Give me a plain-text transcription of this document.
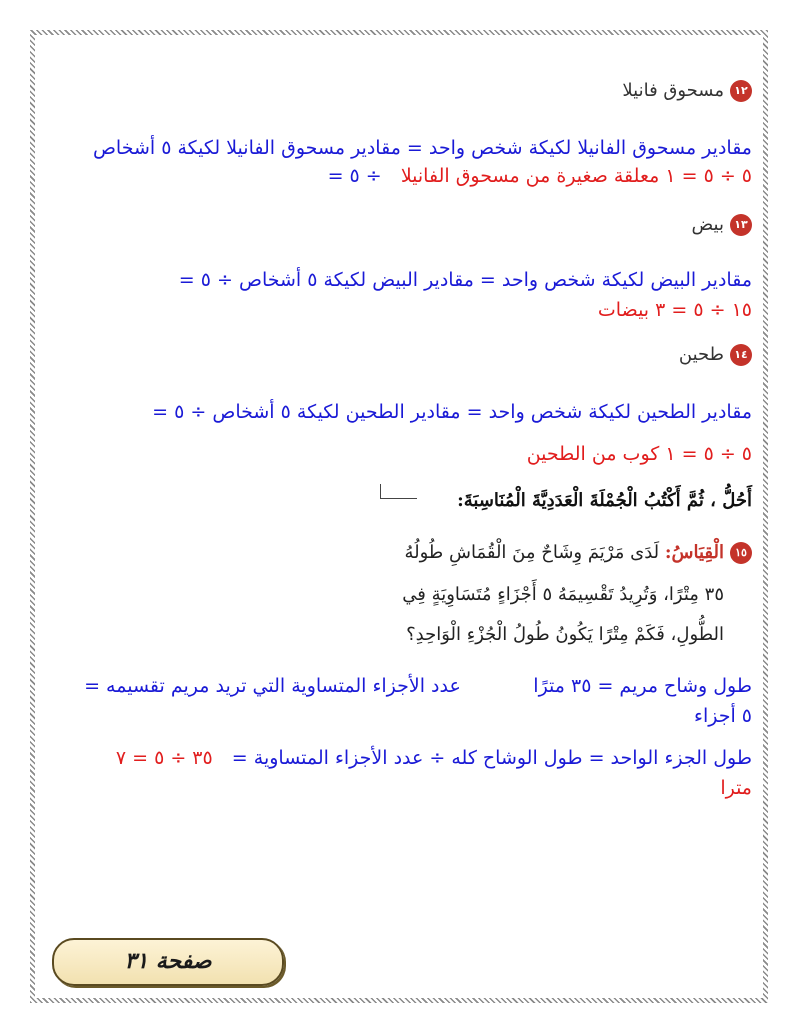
١٢مسحوق فانيلا
مقادير مسحوق الفانيلا لكيكة شخص واحد = مقادير مسحوق الفانيلا لكيكة ٥ أشخاص
٥ ÷ ٥ = ١ معلقة صغيرة من مسحوق الفانيلا ÷ ٥ =
١٣بيض
مقادير البيض لكيكة شخص واحد = مقادير البيض لكيكة ٥ أشخاص ÷ ٥ =
١٥ ÷ ٥ = ٣ بيضات
١٤طحين
مقادير الطحين لكيكة شخص واحد = مقادير الطحين لكيكة ٥ أشخاص ÷ ٥ =
٥ ÷ ٥ = ١ كوب من الطحين
أَحُلُّ ، ثُمَّ أَكْتُبُ الْجُمْلَةَ الْعَدَدِيَّةَ الْمُنَاسِبَةَ:
١٥الْقِيَاسُ: لَدَى مَرْيَمَ وِشَاحٌ مِنَ الْقُمَاشِ طُولُهُ
٣٥ مِتْرًا، وَتُرِيدُ تَقْسِيمَهُ ٥ أَجْزَاءٍ مُتَسَاوِيَةٍ فِي
الطُّولِ، فَكَمْ مِتْرًا يَكُونُ طُولُ الْجُزْءِ الْوَاحِدِ؟
طول وشاح مريم = ٣٥ مترًا            عدد الأجزاء المتساوية التي تريد مريم تقسيمه =
٥ أجزاء
طول الجزء الواحد = طول الوشاح كله ÷ عدد الأجزاء المتساوية = ٣٥ ÷ ٥ = ٧
مترا
صفحة ٣١
